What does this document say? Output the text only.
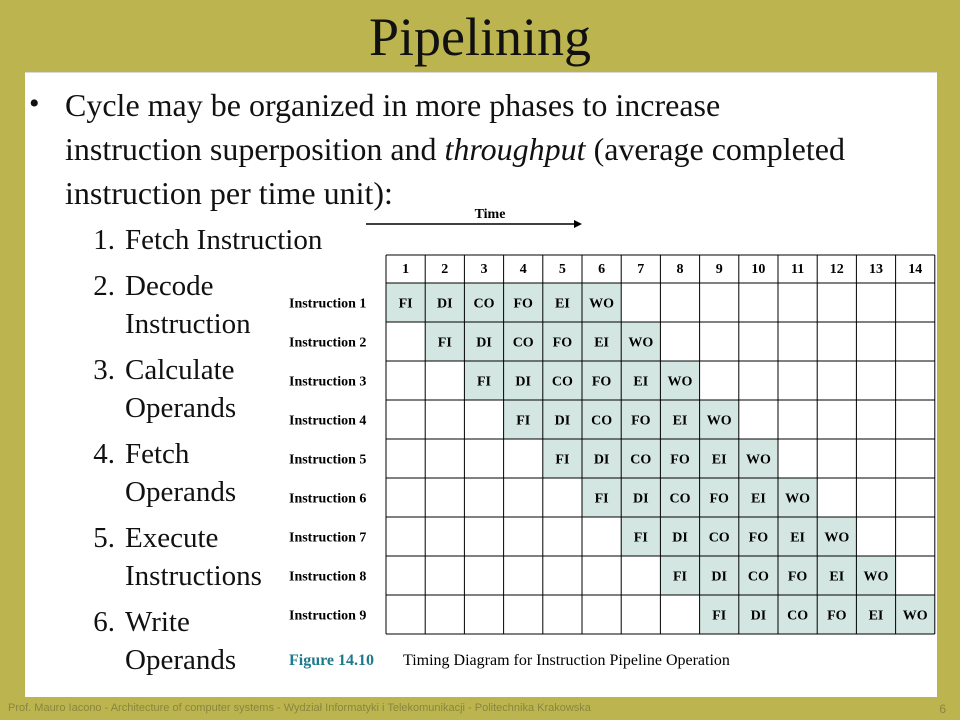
Pipelining
• Cycle may be organized in more phases to increase instruction superposition and throughput (average completed instruction per time unit):
1. Fetch Instruction
2. Decode Instruction
3. Calculate Operands
4. Fetch Operands
5. Execute Instructions
6. Write Operands
Time
FI DI CO FO EI WO
Instruction 1
FI DI CO FO EI WO
Instruction 2
FI DI CO FO EI WO
Instruction 3
FI DI CO FO EI WO
Instruction 4
FI DI CO FO EI WO
Instruction 5
FI DI CO FO EI WO
Instruction 6
FI DI CO FO EI WO
Instruction 7
FI DI CO FO EI WO
Instruction 8
FI DI CO FO EI WO
Instruction 9
1 2 3 4 5 6 7 8 9 10 11 12 13 14
Figure 14.10 Timing Diagram for Instruction Pipeline Operation
Prof. Mauro Iacono - Architecture of computer systems - Wydział Informatyki i Telekomunikacji - Politechnika Krakowska	6
